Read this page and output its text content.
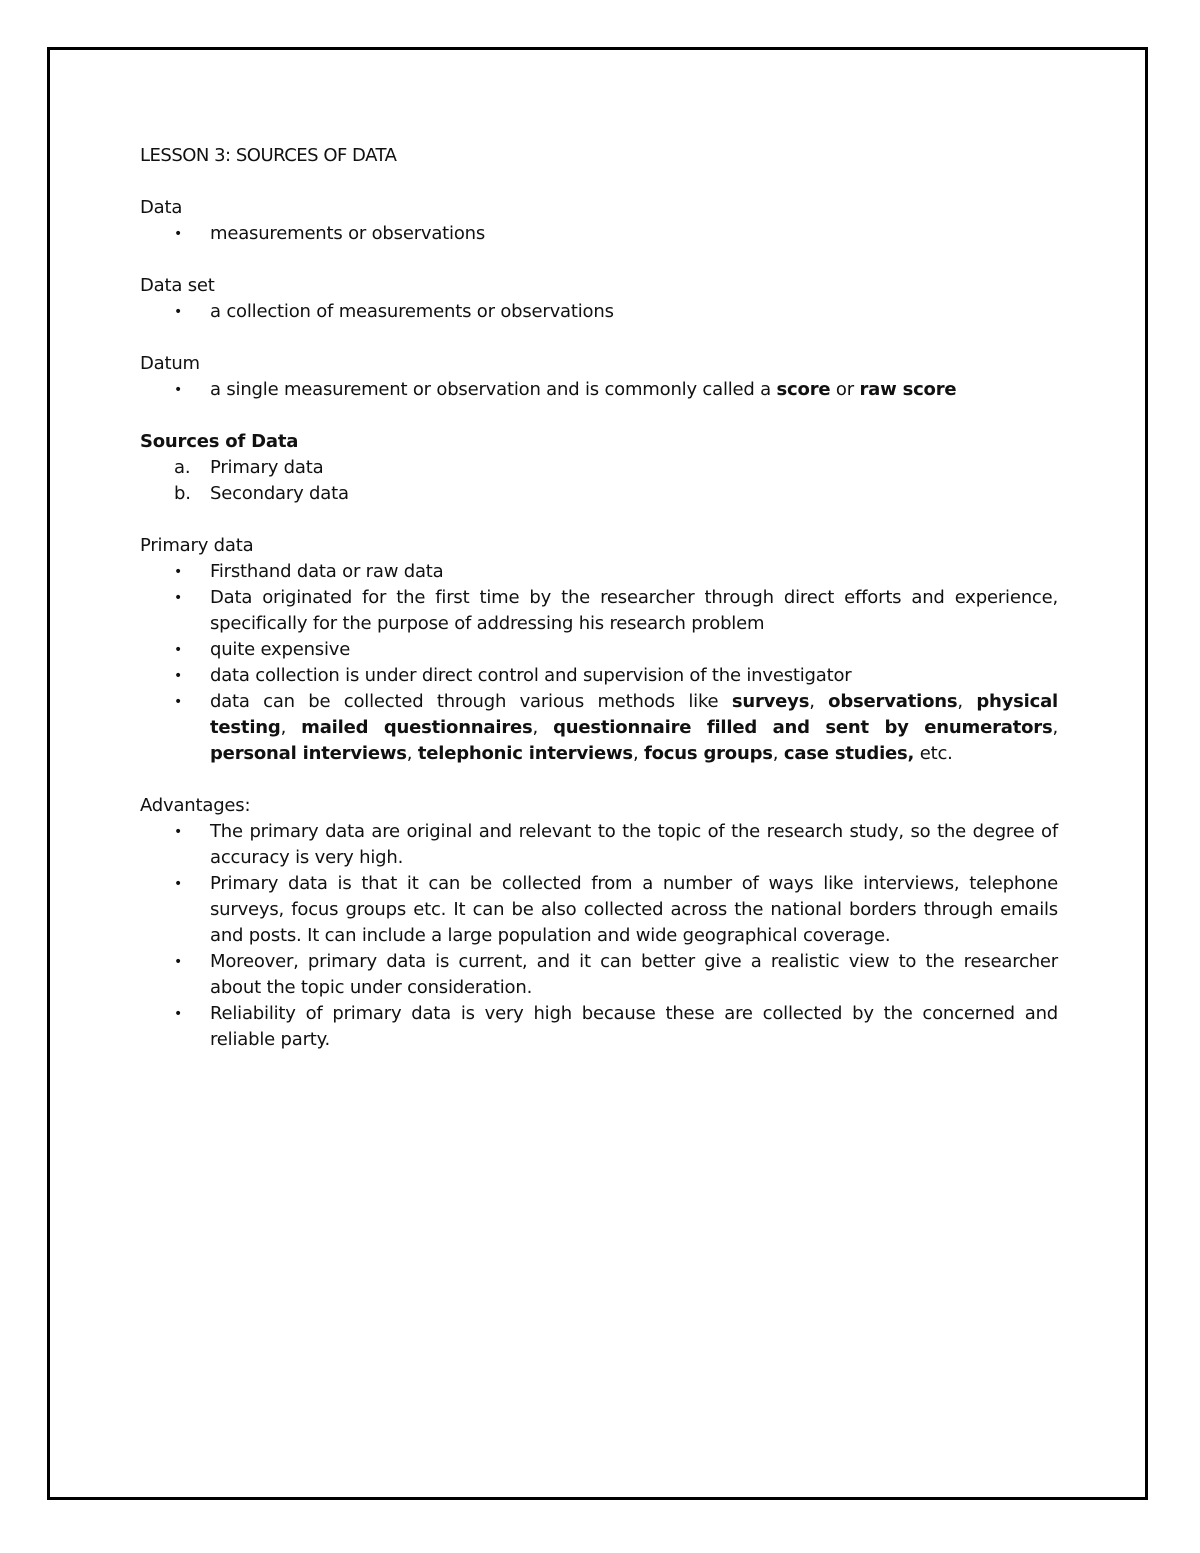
LESSON 3: SOURCES OF DATA

Data

• measurements or observations

Data set

• a collection of measurements or observations

Datum

• a single measurement or observation and is commonly called a score or raw score

Sources of Data

a. Primary data
b. Secondary data

Primary data

• Firsthand data or raw data
• Data originated for the first time by the researcher through direct efforts and experience, specifically for the purpose of addressing his research problem
• quite expensive
• data collection is under direct control and supervision of the investigator
• data can be collected through various methods like surveys, observations, physical testing, mailed questionnaires, questionnaire filled and sent by enumerators, personal interviews, telephonic interviews, focus groups, case studies, etc.

Advantages:

• The primary data are original and relevant to the topic of the research study, so the degree of accuracy is very high.
• Primary data is that it can be collected from a number of ways like interviews, telephone surveys, focus groups etc. It can be also collected across the national borders through emails and posts. It can include a large population and wide geographical coverage.
• Moreover, primary data is current, and it can better give a realistic view to the researcher about the topic under consideration.
• Reliability of primary data is very high because these are collected by the concerned and reliable party.
